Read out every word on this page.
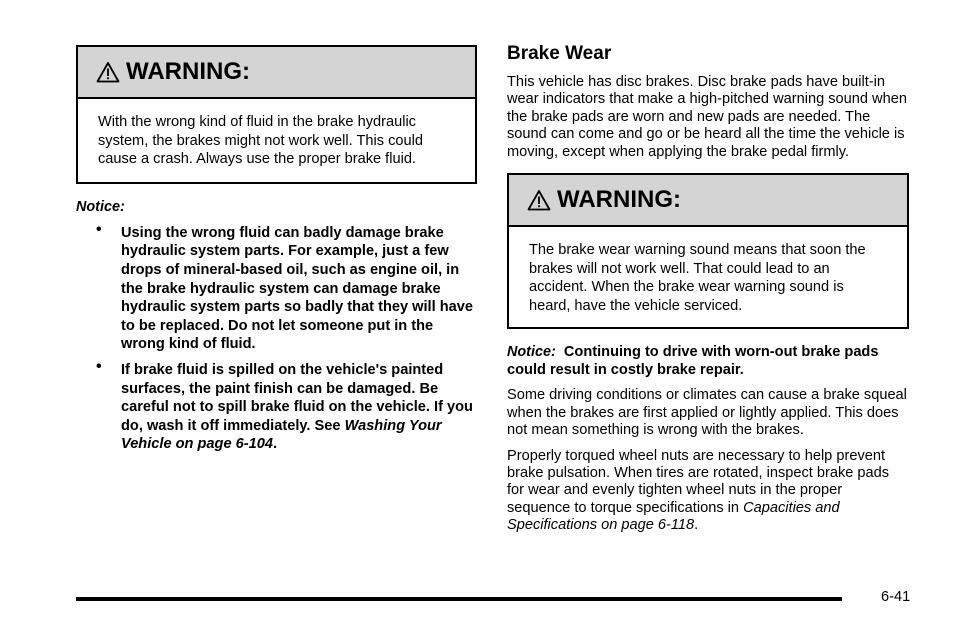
WARNING:
With the wrong kind of fluid in the brake hydraulic system, the brakes might not work well. This could cause a crash. Always use the proper brake fluid.
Notice:
• Using the wrong fluid can badly damage brake hydraulic system parts. For example, just a few drops of mineral-based oil, such as engine oil, in the brake hydraulic system can damage brake hydraulic system parts so badly that they will have to be replaced. Do not let someone put in the wrong kind of fluid.
• If brake fluid is spilled on the vehicle's painted surfaces, the paint finish can be damaged. Be careful not to spill brake fluid on the vehicle. If you do, wash it off immediately. See Washing Your Vehicle on page 6-104.
Brake Wear

This vehicle has disc brakes. Disc brake pads have built-in wear indicators that make a high-pitched warning sound when the brake pads are worn and new pads are needed. The sound can come and go or be heard all the time the vehicle is moving, except when applying the brake pedal firmly.

WARNING:
The brake wear warning sound means that soon the brakes will not work well. That could lead to an accident. When the brake wear warning sound is heard, have the vehicle serviced.
Notice: Continuing to drive with worn-out brake pads could result in costly brake repair.

Some driving conditions or climates can cause a brake squeal when the brakes are first applied or lightly applied. This does not mean something is wrong with the brakes.

Properly torqued wheel nuts are necessary to help prevent brake pulsation. When tires are rotated, inspect brake pads for wear and evenly tighten wheel nuts in the proper sequence to torque specifications in Capacities and Specifications on page 6-118.

6-41
